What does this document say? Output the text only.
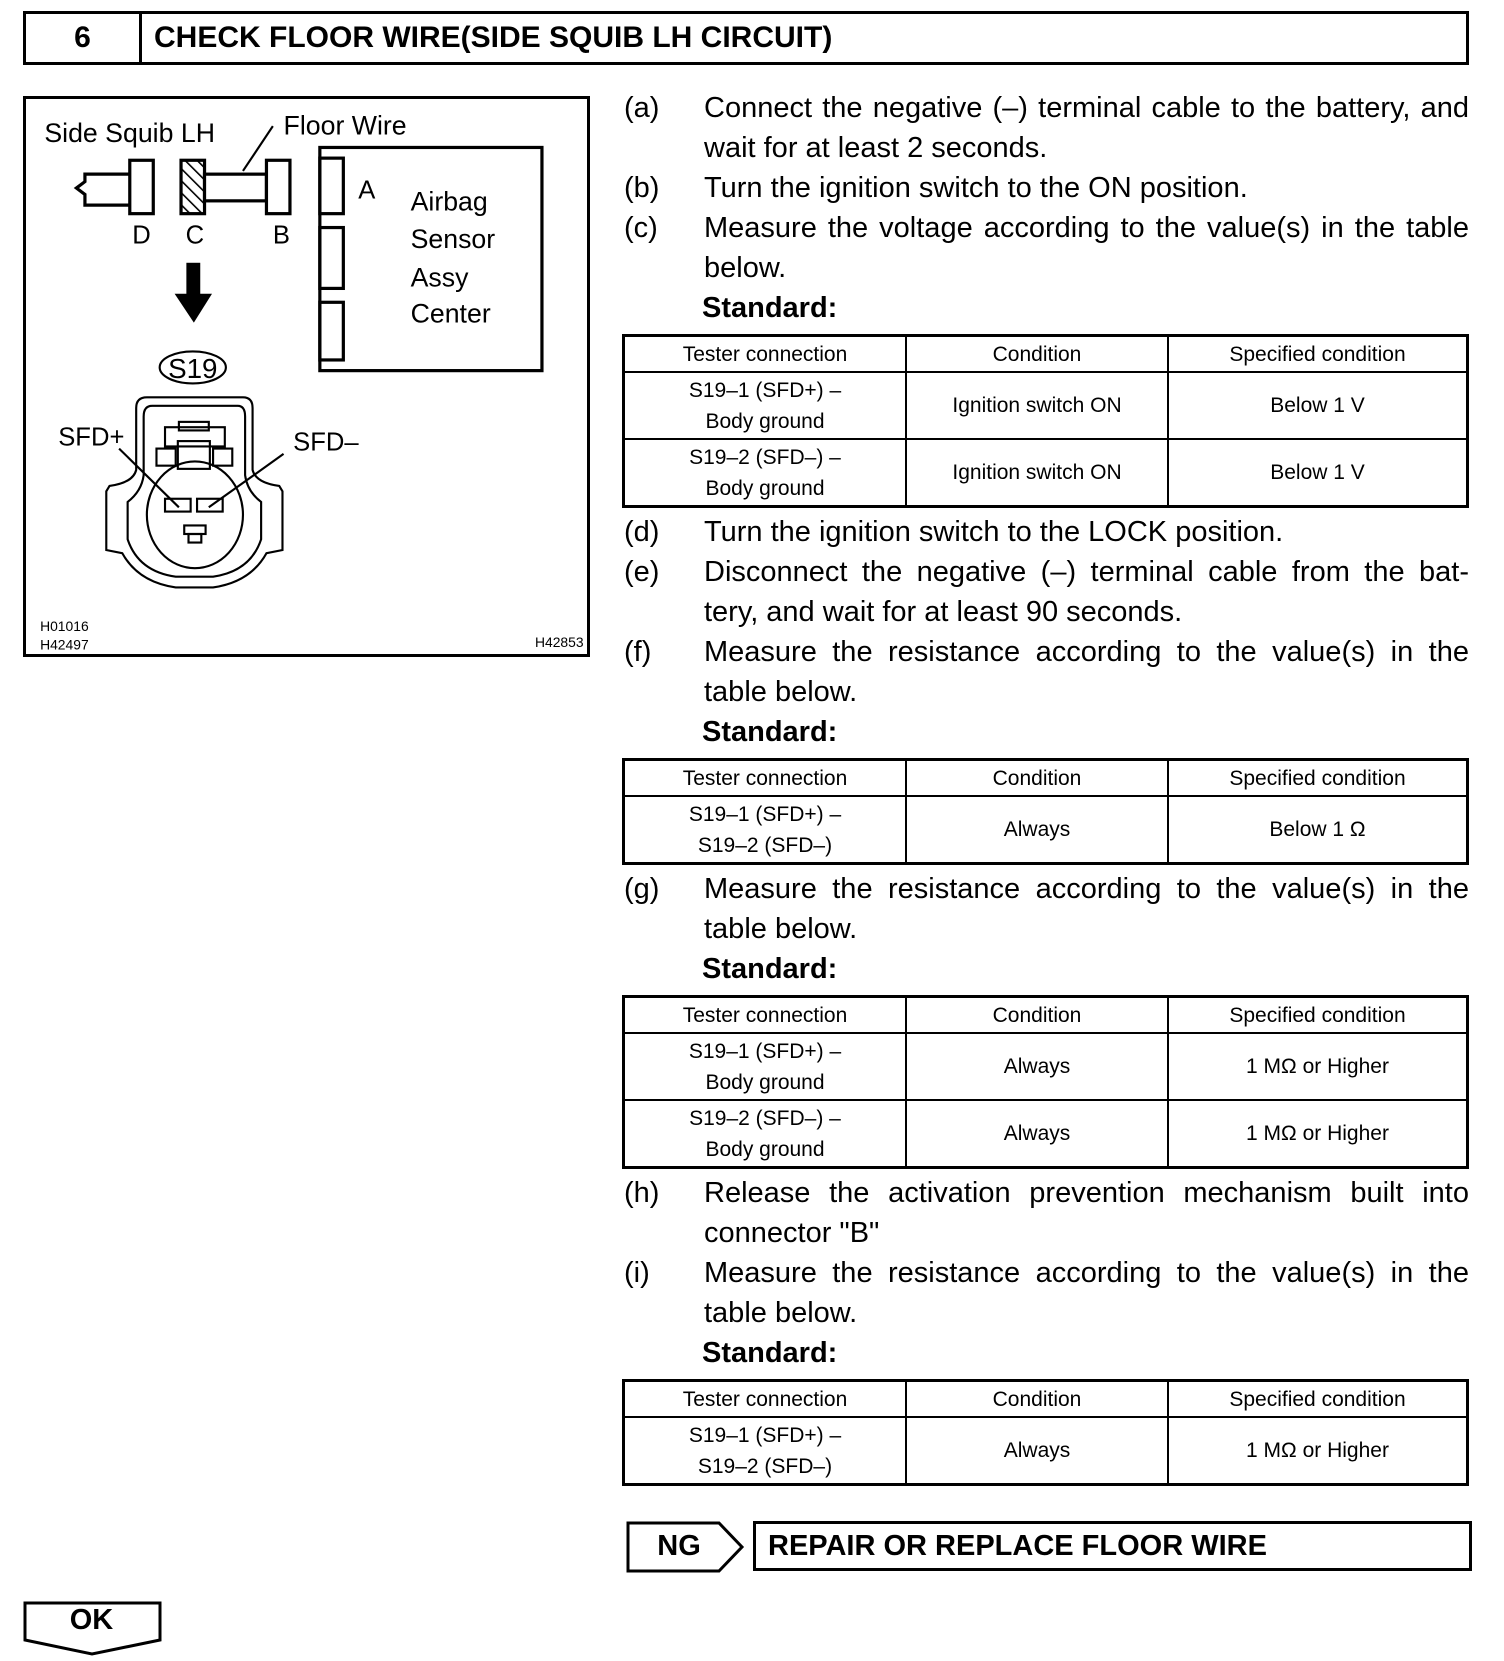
6	CHECK FLOOR WIRE(SIDE SQUIB LH CIRCUIT)
Side Squib LH	Floor Wire
D C	B
A Airbag
Sensor
Assy
Center
S19
SFD+	SFD–
H01016
H42497	H42853
(a)	Connect the negative (–) terminal cable to the battery, and wait for at least 2 seconds.
(b)	Turn the ignition switch to the ON position.
(c)	Measure the voltage according to the value(s) in the table below.
Standard:
Tester connection	Condition	Specified condition
S19–1 (SFD+) –
Body ground	Ignition switch ON	Below 1 V
S19–2 (SFD–) –
Body ground	Ignition switch ON	Below 1 V
(d)	Turn the ignition switch to the LOCK position.
(e)	Disconnect the negative (–) terminal cable from the bat-tery, and wait for at least 90 seconds.
(f)	Measure the resistance according to the value(s) in the table below.
Standard:
Tester connection	Condition	Specified condition
S19–1 (SFD+) –
S19–2 (SFD–)	Always	Below 1 Ω
(g)	Measure the resistance according to the value(s) in the table below.
Standard:
Tester connection	Condition	Specified condition
S19–1 (SFD+) –
Body ground	Always	1 MΩ or Higher
S19–2 (SFD–) –
Body ground	Always	1 MΩ or Higher
(h)	Release the activation prevention mechanism built into connector "B"
(i)	Measure the resistance according to the value(s) in the table below.
Standard:
Tester connection	Condition	Specified condition
S19–1 (SFD+) –
S19–2 (SFD–)	Always	1 MΩ or Higher
NG	REPAIR OR REPLACE FLOOR WIRE
OK
